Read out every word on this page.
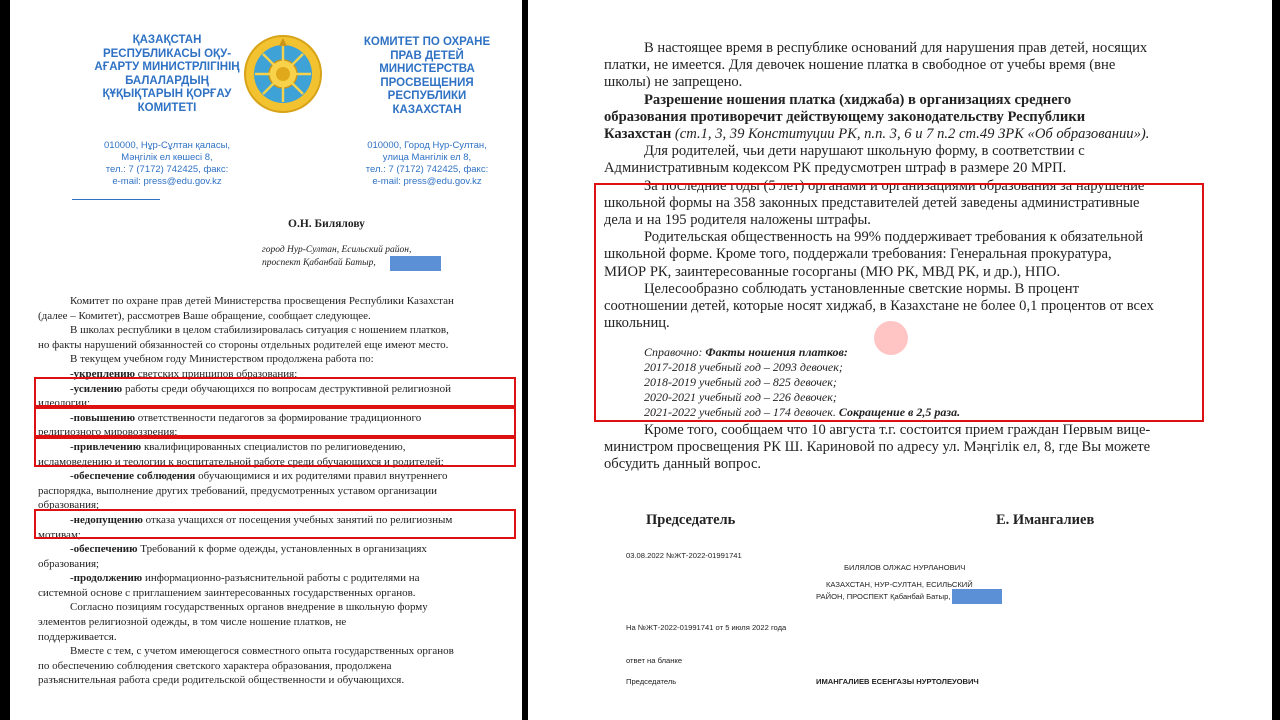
ҚАЗАҚСТАН
РЕСПУБЛИКАСЫ ОҚУ-
АҒАРТУ МИНИСТРЛІГІНІҢ
БАЛАЛАРДЫҢ
ҚҰҚЫҚТАРЫН ҚОРҒАУ
КОМИТЕТІ
010000, Нұр-Сұлтан қаласы,
Мәңгілік ел көшесі 8,
тел.: 7 (7172) 742425, факс:
e-mail: press@edu.gov.kz
КОМИТЕТ ПО ОХРАНЕ
ПРАВ ДЕТЕЙ
МИНИСТЕРСТВА
ПРОСВЕЩЕНИЯ
РЕСПУБЛИКИ
КАЗАХСТАН
010000, Город Нур-Султан,
улица Мангілік ел 8,
тел.: 7 (7172) 742425, факс:
e-mail: press@edu.gov.kz
О.Н. Билялову
город Нур-Султан, Есильский район,
проспект Қабанбай Батыр,
Комитет по охране прав детей Министерства просвещения Республики Казахстан
(далее – Комитет), рассмотрев Ваше обращение, сообщает следующее.
В школах республики в целом стабилизировалась ситуация с ношением платков,
но факты нарушений обязанностей со стороны отдельных родителей еще имеют место.
В текущем учебном году Министерством продолжена работа по:
-укреплению светских принципов образования;
-усилению работы среди обучающихся по вопросам деструктивной религиозной
идеологии;
-повышению ответственности педагогов за формирование традиционного
религиозного мировоззрения;
-привлечению квалифицированных специалистов по религиоведению,
исламоведению и теологии к воспитательной работе среди обучающихся и родителей;
-обеспечение соблюдения обучающимися и их родителями правил внутреннего
распорядка, выполнение других требований, предусмотренных уставом организации
образования;
-недопущению отказа учащихся от посещения учебных занятий по религиозным
мотивам;
-обеспечению Требований к форме одежды, установленных в организациях
образования;
-продолжению информационно-разъяснительной работы с родителями на
системной основе с приглашением заинтересованных государственных органов.
Согласно позициям государственных органов внедрение в школьную форму
элементов религиозной одежды, в том числе ношение платков, не
поддерживается.
Вместе с тем, с учетом имеющегося совместного опыта государственных органов
по обеспечению соблюдения светского характера образования, продолжена
разъяснительная работа среди родительской общественности и обучающихся.
В настоящее время в республике оснований для нарушения прав детей, носящих
платки, не имеется. Для девочек ношение платка в свободное от учебы время (вне
школы) не запрещено.
Разрешение ношения платка (хиджаба) в организациях среднего
образования противоречит действующему законодательству Республики
Казахстан (ст.1, 3, 39 Конституции РК, п.п. 3, 6 и 7 п.2 ст.49 ЗРК «Об образовании»).
Для родителей, чьи дети нарушают школьную форму, в соответствии с
Административным кодексом РК предусмотрен штраф в размере 20 МРП.
За последние годы (5 лет) органами и организациями образования за нарушение
школьной формы на 358 законных представителей детей заведены административные
дела и на 195 родителя наложены штрафы.
Родительская общественность на 99% поддерживает требования к обязательной
школьной форме. Кроме того, поддержали требования: Генеральная прокуратура,
МИОР РК, заинтересованные госорганы (МЮ РК, МВД РК, и др.), НПО.
Целесообразно соблюдать установленные светские нормы. В процент
соотношении детей, которые носят хиджаб, в Казахстане не более 0,1 процентов от всех
школьниц.
Справочно: Факты ношения платков:
2017-2018 учебный год – 2093 девочек;
2018-2019 учебный год – 825 девочек;
2020-2021 учебный год – 226 девочек;
2021-2022 учебный год – 174 девочек. Сокращение в 2,5 раза.
Кроме того, сообщаем что 10 августа т.г. состоится прием граждан Первым вице-
министром просвещения РК Ш. Кариновой по адресу ул. Мәңгілік ел, 8, где Вы можете
обсудить данный вопрос.
Председатель	Е. Имангалиев
03.08.2022 №ЖТ-2022-01991741
БИЛЯЛОВ ОЛЖАС НУРЛАНОВИЧ
КАЗАХСТАН, НУР-СУЛТАН, ЕСИЛЬСКИЙ
РАЙОН, ПРОСПЕКТ Қабанбай Батыр,
На №ЖТ-2022-01991741 от 5 июля 2022 года
ответ на бланке
Председатель	ИМАНГАЛИЕВ ЕСЕНГАЗЫ НУРТОЛЕУОВИЧ
